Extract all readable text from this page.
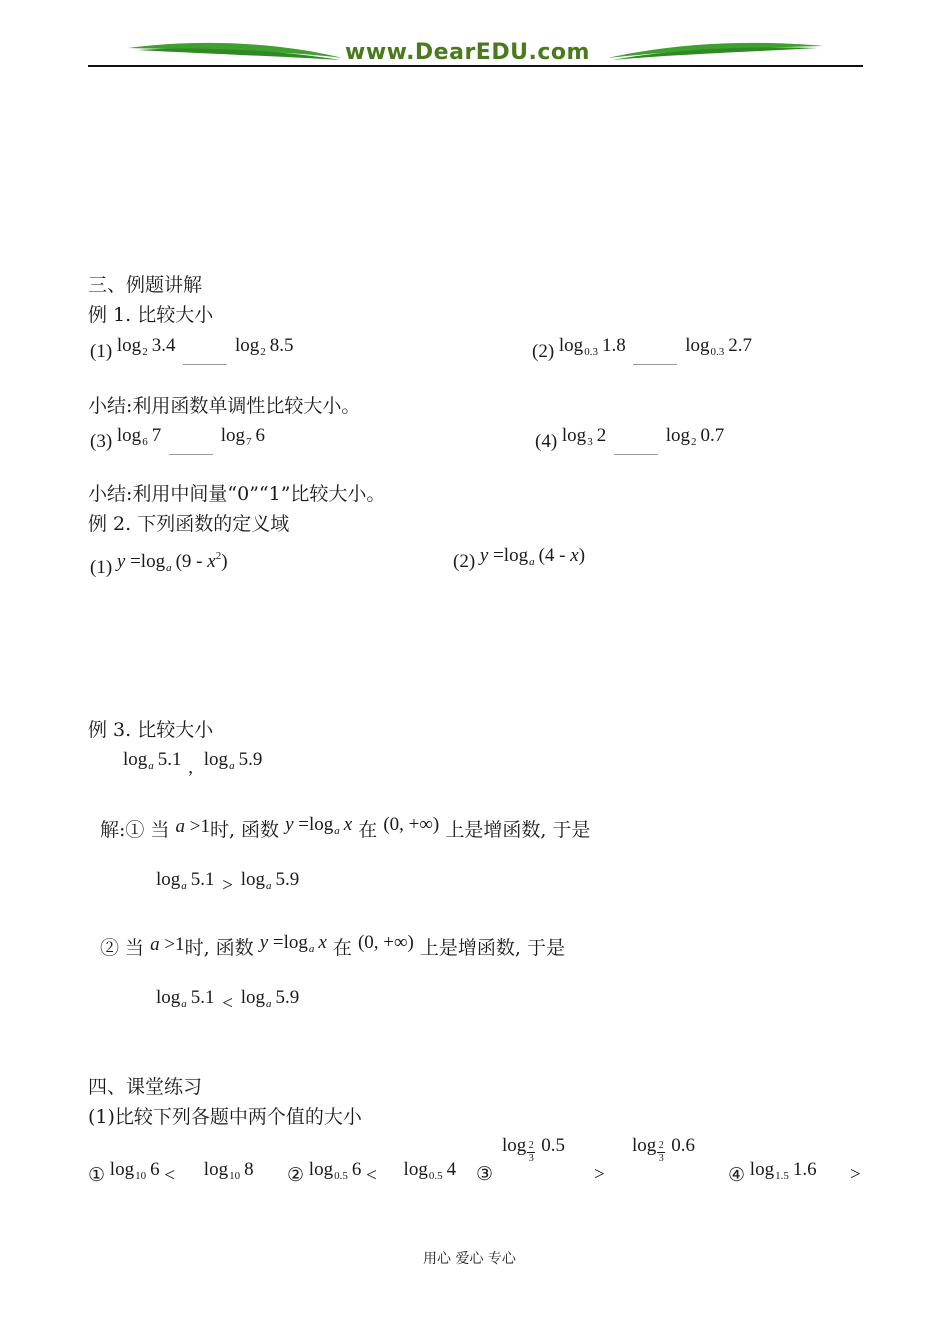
www.DearEDU.com
三、例题讲解
例 1. 比较大小
(1) $\log_2 3.4$	$\log_2 8.5$	(2) $\log_{0.3} 1.8$	$\log_{0.3} 2.7$
小结:利用函数单调性比较大小。
(3) $\log_6 7$	$\log_7 6$	(4) $\log_3 2$	$\log_2 0.7$
小结:利用中间量“0”“1”比较大小。
例 2. 下列函数的定义域
(1) $y =\log_a$ $(9 - x^2)$	(2) $y =\log_a$ (4 - x)
例 3. 比较大小
$\log_a 5.1$ , $\log_a 5.9$
解:① 当 a >1时, 函数 $y =\log_a$ x 在 (0, +∞) 上是增函数, 于是
$\log_a 5.1 > \log_a 5.9$
② 当 a >1时, 函数 $y =\log_a$ x 在 (0, +∞) 上是增函数, 于是
$\log_a 5.1 < \log_a 5.9$
四、课堂练习
(1)比较下列各题中两个值的大小
① $\log_{10} 6 < \log_{10} 8$ ② $\log_{0.5} 6 < \log_{0.5} 4$ ③
$\log \frac{2}{3} 0.5$
>
$\log \frac{2}{3} 0.6$
④ $\log_{1.5} 1.6$ >
用心 爱心 专心
